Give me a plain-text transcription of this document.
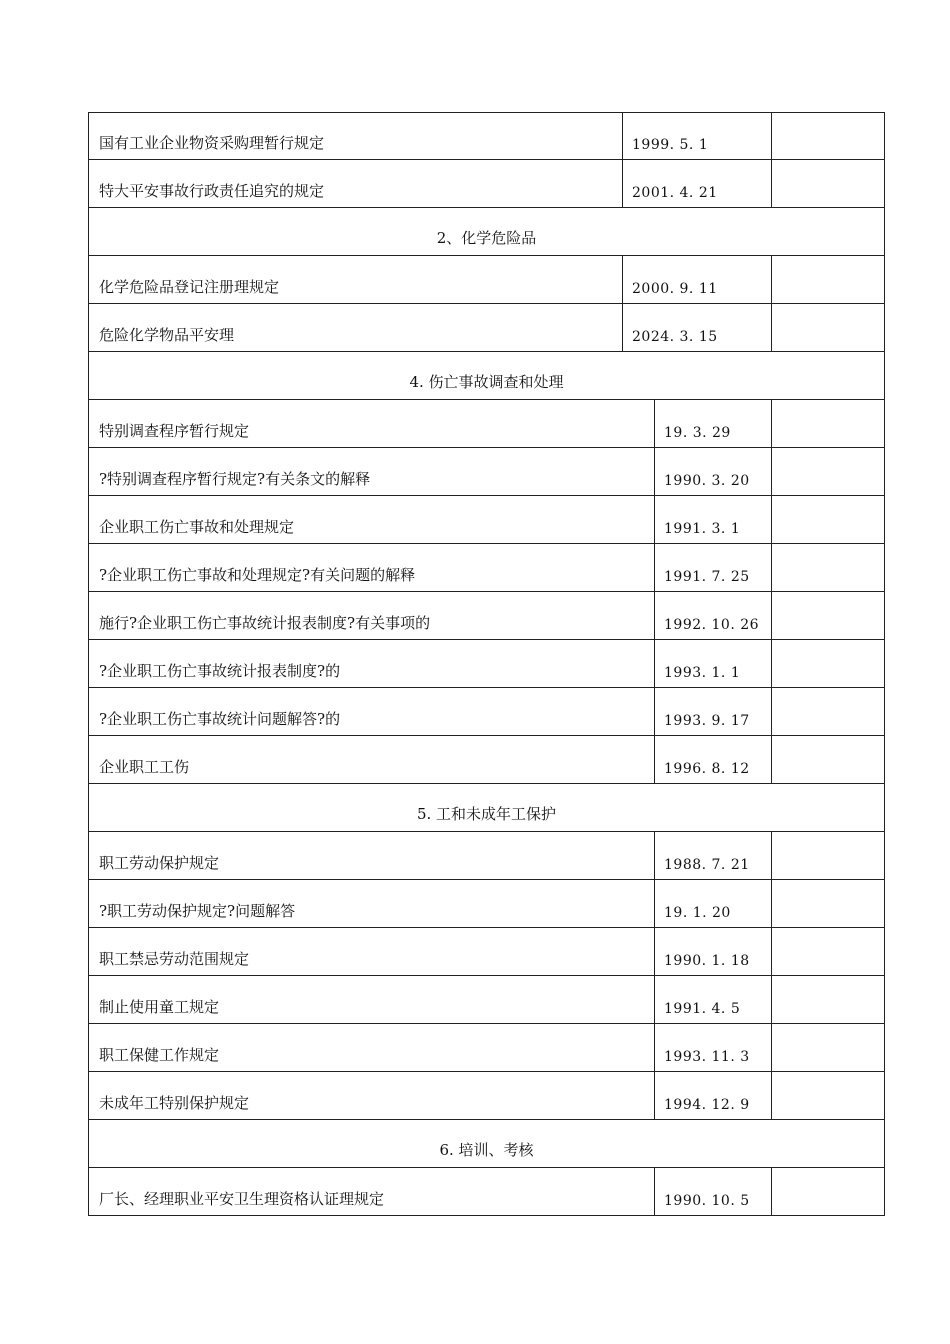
国有工业企业物资采购理暂行规定	1999. 5. 1
特大平安事故行政责任追究的规定	2001. 4. 21
2、化学危险品
化学危险品登记注册理规定	2000. 9. 11
危险化学物品平安理	2024. 3. 15
4. 伤亡事故调查和处理
特别调查程序暂行规定	19. 3. 29
?特别调查程序暂行规定?有关条文的解释	1990. 3. 20
企业职工伤亡事故和处理规定	1991. 3. 1
?企业职工伤亡事故和处理规定?有关问题的解释	1991. 7. 25
施行?企业职工伤亡事故统计报表制度?有关事项的	1992. 10. 26
?企业职工伤亡事故统计报表制度?的	1993. 1. 1
?企业职工伤亡事故统计问题解答?的	1993. 9. 17
企业职工工伤	1996. 8. 12
5. 工和未成年工保护
职工劳动保护规定	1988. 7. 21
?职工劳动保护规定?问题解答	19. 1. 20
职工禁忌劳动范围规定	1990. 1. 18
制止使用童工规定	1991. 4. 5
职工保健工作规定	1993. 11. 3
未成年工特别保护规定	1994. 12. 9
6. 培训、考核
厂长、经理职业平安卫生理资格认证理规定	1990. 10. 5
